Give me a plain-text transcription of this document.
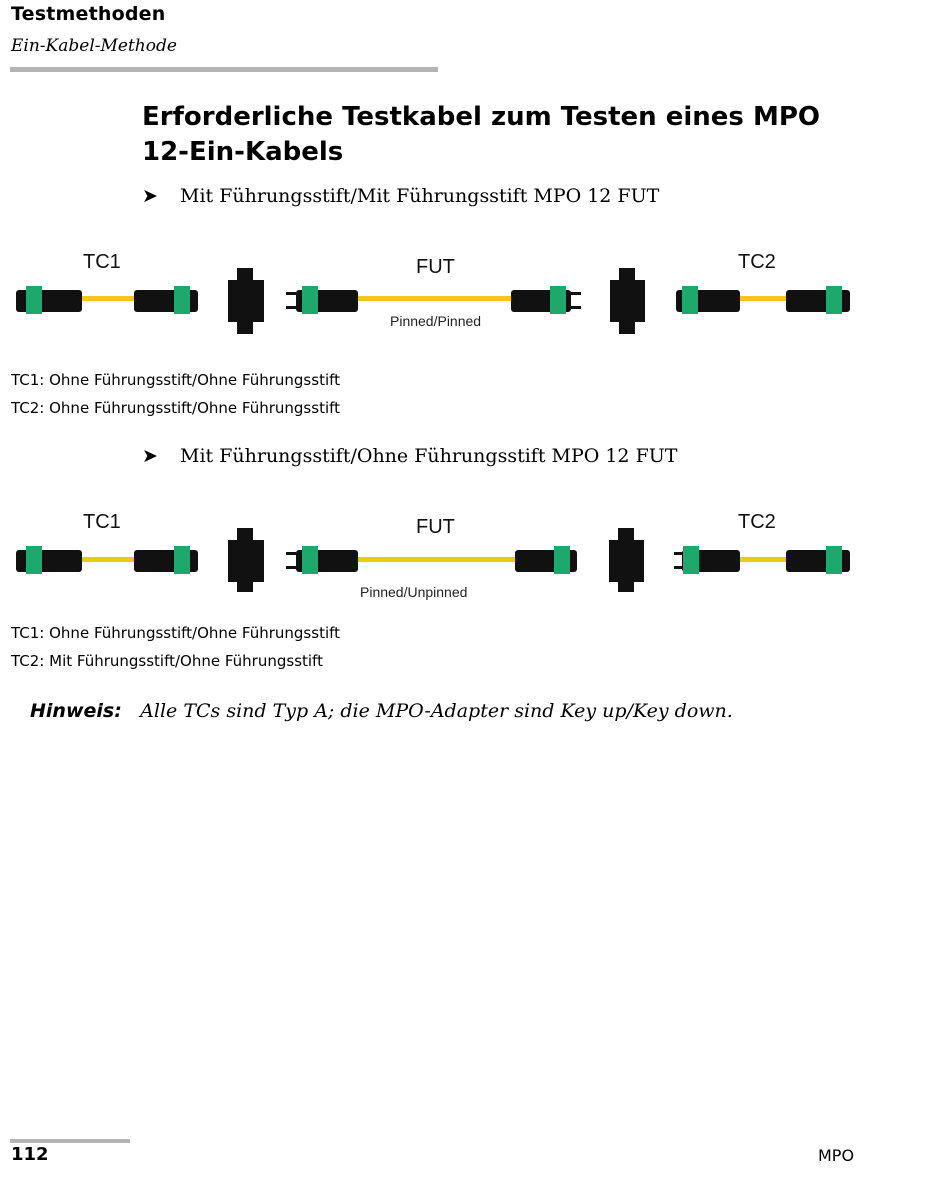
Testmethoden
Ein-Kabel-Methode
Erforderliche Testkabel zum Testen eines MPO 12-Ein-Kabels
➤	Mit Führungsstift/Mit Führungsstift MPO 12 FUT
TC1	FUT	TC2
Pinned/Pinned
TC1: Ohne Führungsstift/Ohne Führungsstift
TC2: Ohne Führungsstift/Ohne Führungsstift
➤	Mit Führungsstift/Ohne Führungsstift MPO 12 FUT
TC1	FUT	TC2
Pinned/Unpinned
TC1: Ohne Führungsstift/Ohne Führungsstift
TC2: Mit Führungsstift/Ohne Führungsstift
Hinweis: Alle TCs sind Typ A; die MPO-Adapter sind Key up/Key down.
112	MPO
